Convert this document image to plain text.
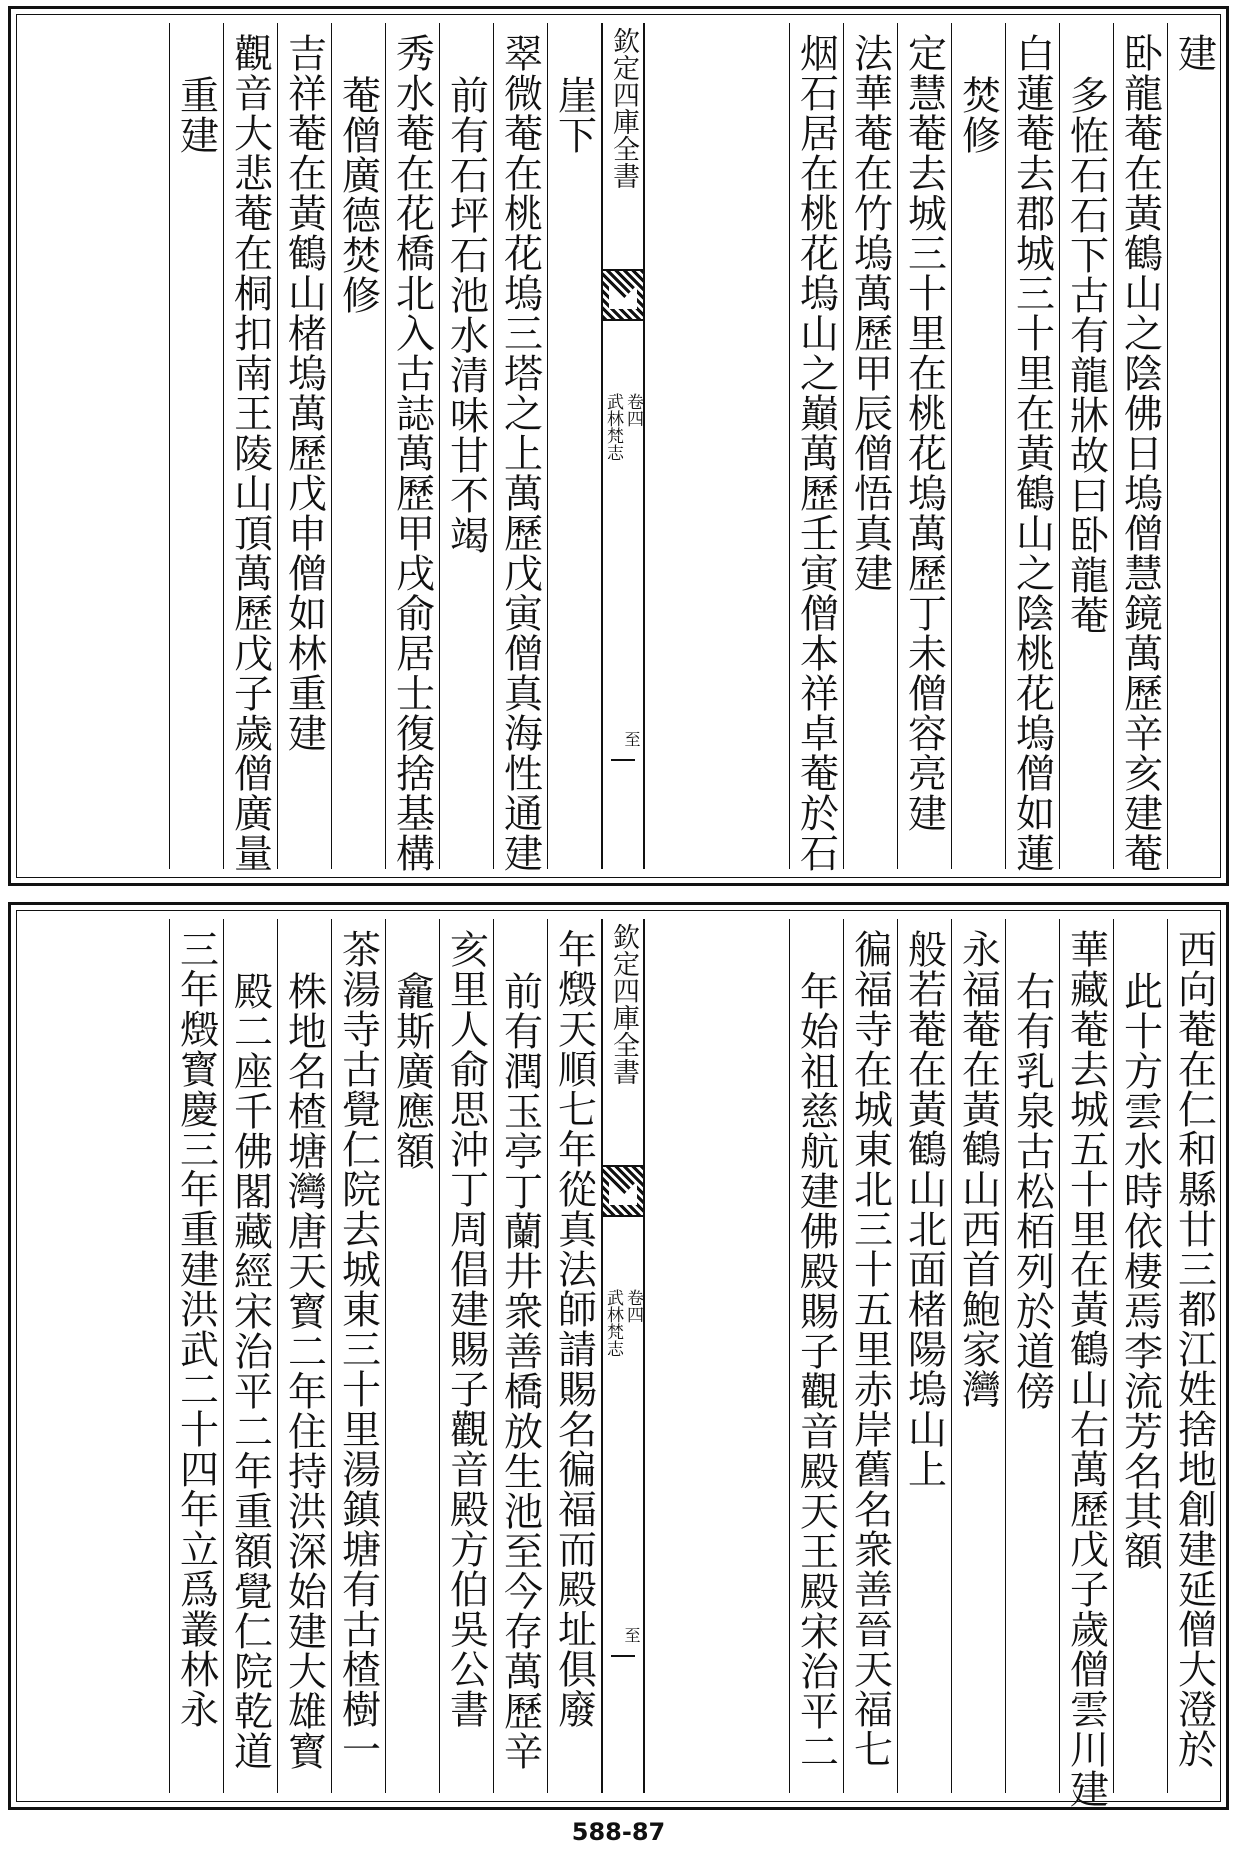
建
卧龍菴在黃鶴山之陰佛日塢僧慧鏡萬歷辛亥建菴
多恠石石下古有龍牀故曰卧龍菴
白蓮菴去郡城三十里在黃鶴山之陰桃花塢僧如蓮
焚修
定慧菴去城三十里在桃花塢萬歷丁未僧容亮建
法華菴在竹塢萬歷甲辰僧悟真建
烟石居在桃花塢山之巔萬歷壬寅僧本祥卓菴於石
欽定四庫全書
武林梵志 卷四
至
崖下
翠微菴在桃花塢三塔之上萬歷戊寅僧真海性通建
前有石坪石池水清味甘不竭
秀水菴在花橋北入古誌萬歷甲戌俞居士復捨基構
菴僧廣德焚修
吉祥菴在黃鶴山楮塢萬歷戊申僧如林重建
觀音大悲菴在桐扣南王陵山頂萬歷戊子歲僧廣量
重建
西向菴在仁和縣廿三都江姓捨地創建延僧大澄於
此十方雲水時依棲焉李流芳名其額
華藏菴去城五十里在黃鶴山右萬歷戊子歲僧雲川建
右有乳泉古松栢列於道傍
永福菴在黃鶴山西首鮑家灣
般若菴在黃鶴山北面楮陽塢山上
徧福寺在城東北三十五里赤岸舊名衆善晉天福七
年始祖慈航建佛殿賜子觀音殿天王殿宋治平二
欽定四庫全書
武林梵志 卷四
至
年燬天順七年從真法師請賜名徧福而殿址俱廢
前有潤玉亭丁蘭井衆善橋放生池至今存萬歷辛
亥里人俞思沖丁周倡建賜子觀音殿方伯吳公書
龕斯廣應額
茶湯寺古覺仁院去城東三十里湯鎮塘有古楂樹一
株地名楂塘灣唐天寳二年住持洪深始建大雄寳
殿二座千佛閣藏經宋治平二年重額覺仁院乾道
三年燬寳慶三年重建洪武二十四年立爲叢林永
588-87
